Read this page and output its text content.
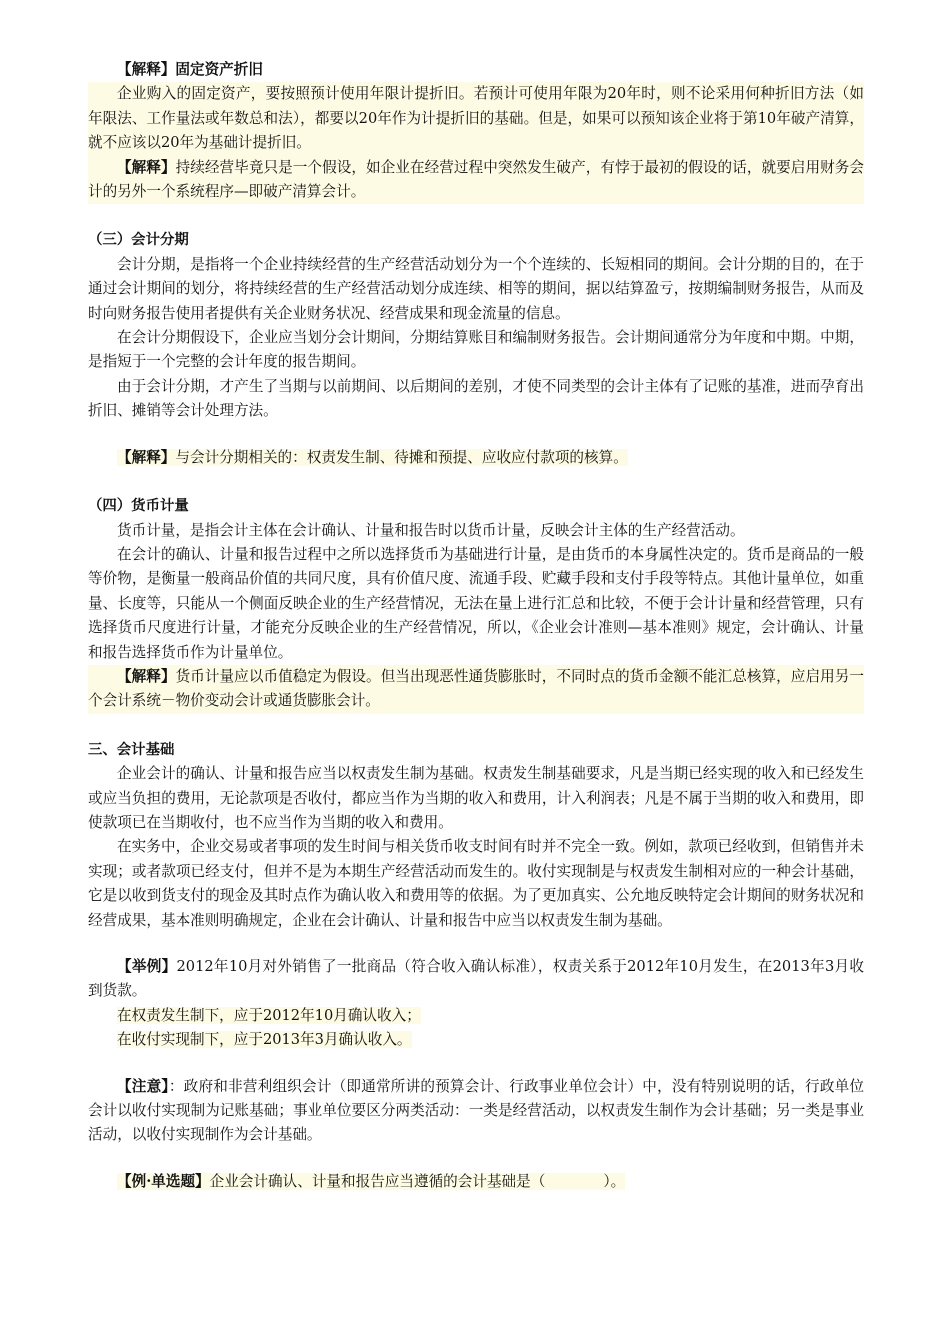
【解释】固定资产折旧

企业购入的固定资产，要按照预计使用年限计提折旧。若预计可使用年限为20年时，则不论采用何种折旧方法（如年限法、工作量法或年数总和法），都要以20年作为计提折旧的基础。但是，如果可以预知该企业将于第10年破产清算，就不应该以20年为基础计提折旧。

【解释】持续经营毕竟只是一个假设，如企业在经营过程中突然发生破产，有悖于最初的假设的话，就要启用财务会计的另外一个系统程序—即破产清算会计。

（三）会计分期

会计分期，是指将一个企业持续经营的生产经营活动划分为一个个连续的、长短相同的期间。会计分期的目的，在于通过会计期间的划分，将持续经营的生产经营活动划分成连续、相等的期间，据以结算盈亏，按期编制财务报告，从而及时向财务报告使用者提供有关企业财务状况、经营成果和现金流量的信息。

在会计分期假设下，企业应当划分会计期间，分期结算账目和编制财务报告。会计期间通常分为年度和中期。中期，是指短于一个完整的会计年度的报告期间。

由于会计分期，才产生了当期与以前期间、以后期间的差别，才使不同类型的会计主体有了记账的基准，进而孕育出折旧、摊销等会计处理方法。

【解释】与会计分期相关的：权责发生制、待摊和预提、应收应付款项的核算。

（四）货币计量

货币计量，是指会计主体在会计确认、计量和报告时以货币计量，反映会计主体的生产经营活动。

在会计的确认、计量和报告过程中之所以选择货币为基础进行计量，是由货币的本身属性决定的。货币是商品的一般等价物，是衡量一般商品价值的共同尺度，具有价值尺度、流通手段、贮藏手段和支付手段等特点。其他计量单位，如重量、长度等，只能从一个侧面反映企业的生产经营情况，无法在量上进行汇总和比较，不便于会计计量和经营管理，只有选择货币尺度进行计量，才能充分反映企业的生产经营情况，所以，《企业会计准则—基本准则》规定，会计确认、计量和报告选择货币作为计量单位。

【解释】货币计量应以币值稳定为假设。但当出现恶性通货膨胀时，不同时点的货币金额不能汇总核算，应启用另一个会计系统－物价变动会计或通货膨胀会计。

三、会计基础

企业会计的确认、计量和报告应当以权责发生制为基础。权责发生制基础要求，凡是当期已经实现的收入和已经发生或应当负担的费用，无论款项是否收付，都应当作为当期的收入和费用，计入利润表；凡是不属于当期的收入和费用，即使款项已在当期收付，也不应当作为当期的收入和费用。

在实务中，企业交易或者事项的发生时间与相关货币收支时间有时并不完全一致。例如，款项已经收到，但销售并未实现；或者款项已经支付，但并不是为本期生产经营活动而发生的。收付实现制是与权责发生制相对应的一种会计基础，它是以收到货支付的现金及其时点作为确认收入和费用等的依据。为了更加真实、公允地反映特定会计期间的财务状况和经营成果，基本准则明确规定，企业在会计确认、计量和报告中应当以权责发生制为基础。

【举例】2012年10月对外销售了一批商品（符合收入确认标准），权责关系于2012年10月发生，在2013年3月收到货款。

在权责发生制下，应于2012年10月确认收入；

在收付实现制下，应于2013年3月确认收入。

【注意】：政府和非营利组织会计（即通常所讲的预算会计、行政事业单位会计）中，没有特别说明的话，行政单位会计以收付实现制为记账基础；事业单位要区分两类活动：一类是经营活动，以权责发生制作为会计基础；另一类是事业活动，以收付实现制作为会计基础。

【例·单选题】企业会计确认、计量和报告应当遵循的会计基础是（	）。
